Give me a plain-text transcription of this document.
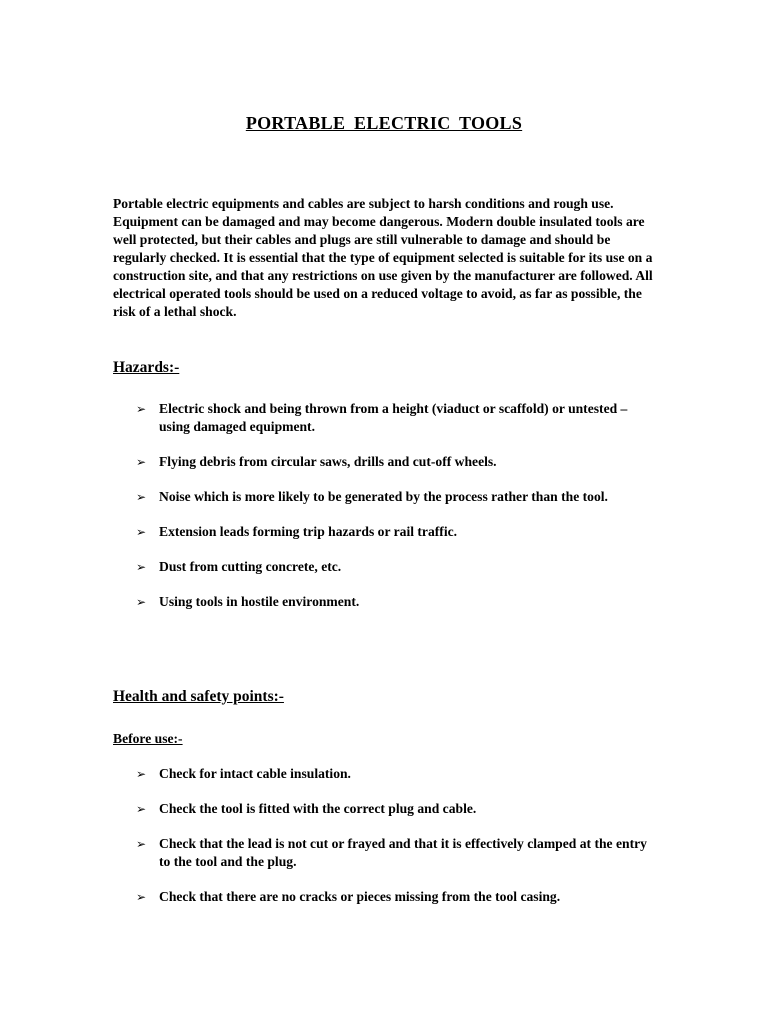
PORTABLE ELECTRIC TOOLS

Portable electric equipments and cables are subject to harsh conditions and rough use. Equipment can be damaged and may become dangerous. Modern double insulated tools are well protected, but their cables and plugs are still vulnerable to damage and should be regularly checked. It is essential that the type of equipment selected is suitable for its use on a construction site, and that any restrictions on use given by the manufacturer are followed. All electrical operated tools should be used on a reduced voltage to avoid, as far as possible, the risk of a lethal shock.

Hazards:-
➢ Electric shock and being thrown from a height (viaduct or scaffold) or untested – using damaged equipment.
➢ Flying debris from circular saws, drills and cut-off wheels.
➢ Noise which is more likely to be generated by the process rather than the tool.
➢ Extension leads forming trip hazards or rail traffic.
➢ Dust from cutting concrete, etc.
➢ Using tools in hostile environment.
Health and safety points:-
Before use:-
➢ Check for intact cable insulation.
➢ Check the tool is fitted with the correct plug and cable.
➢ Check that the lead is not cut or frayed and that it is effectively clamped at the entry to the tool and the plug.
➢ Check that there are no cracks or pieces missing from the tool casing.
